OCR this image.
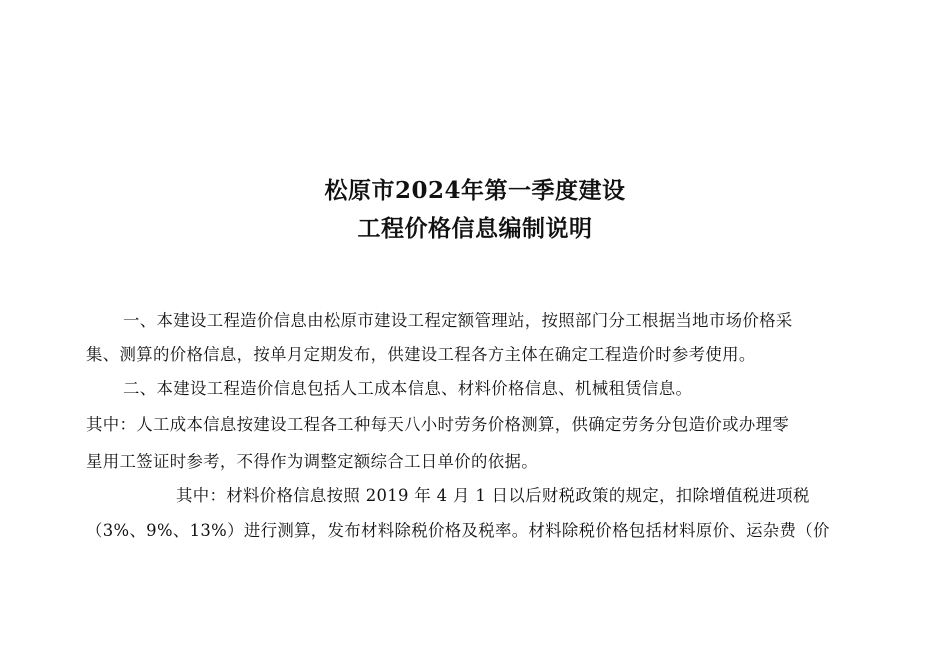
松原市2024年第一季度建设
工程价格信息编制说明
一、本建设工程造价信息由松原市建设工程定额管理站，按照部门分工根据当地市场价格采
集、测算的价格信息，按单月定期发布，供建设工程各方主体在确定工程造价时参考使用。
二、本建设工程造价信息包括人工成本信息、材料价格信息、机械租赁信息。
其中：人工成本信息按建设工程各工种每天八小时劳务价格测算，供确定劳务分包造价或办理零
星用工签证时参考，不得作为调整定额综合工日单价的依据。
其中：材料价格信息按照 2019 年 4 月 1 日以后财税政策的规定，扣除增值税进项税
（3%、9%、13%）进行测算，发布材料除税价格及税率。材料除税价格包括材料原价、运杂费（价
